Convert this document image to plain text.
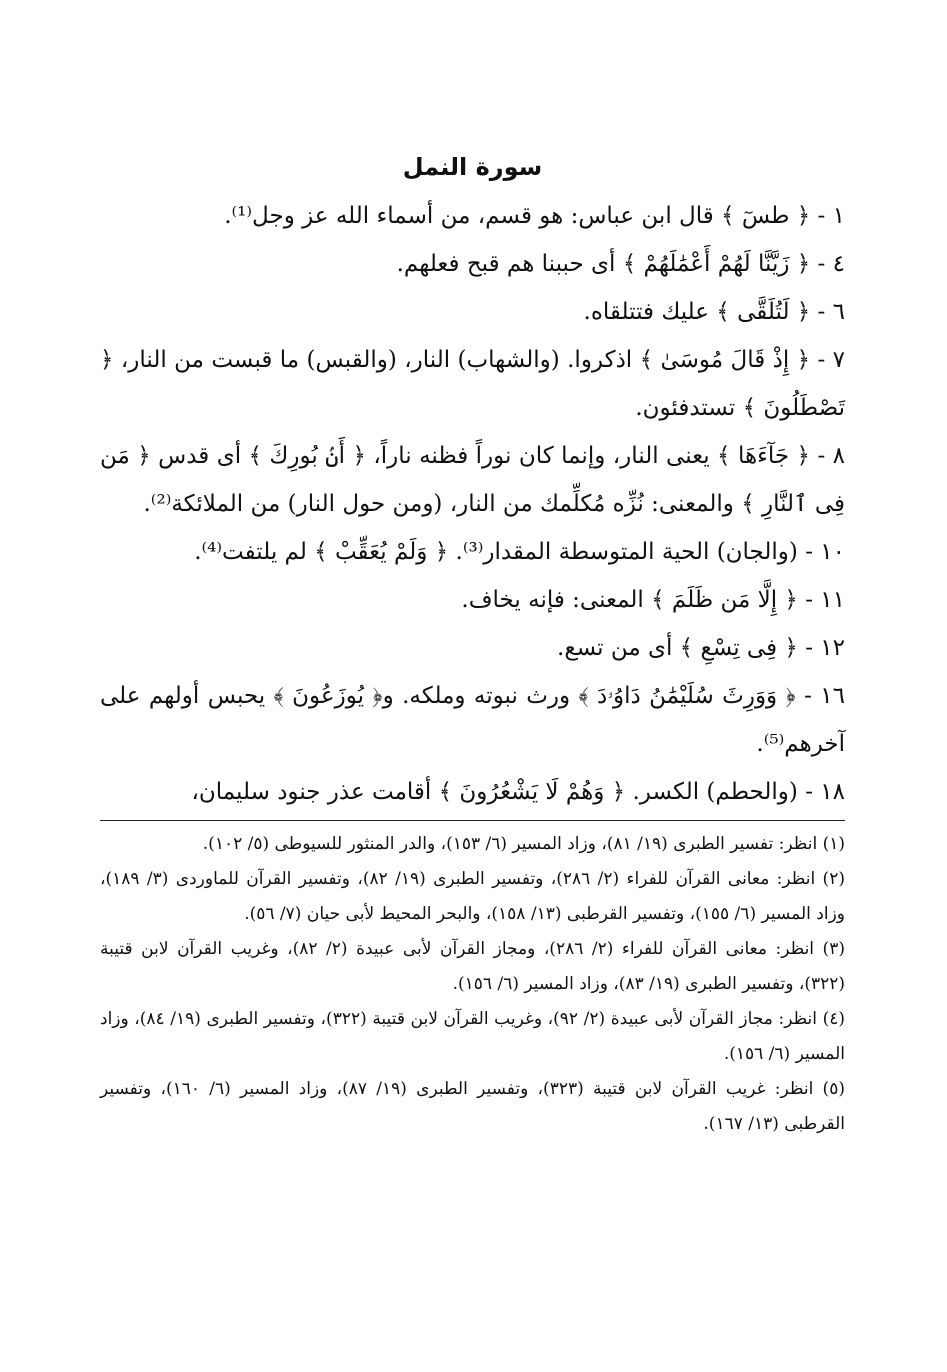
سورة النمل

١ - ﴿ طسٓ ﴾ قال ابن عباس: هو قسم، من أسماء الله عز وجل⁽¹⁾.

٤ - ﴿ زَيَّنَّا لَهُمْ أَعْمَٰلَهُمْ ﴾ أى حببنا هم قبح فعلهم.

٦ - ﴿ لَتُلَقَّى ﴾ عليك فتتلقاه.

٧ - ﴿ إِذْ قَالَ مُوسَىٰ ﴾ اذكروا. (والشهاب) النار، (والقبس) ما قبست من النار، ﴿ تَصْطَلُونَ ﴾ تستدفئون.

٨ - ﴿ جَآءَهَا ﴾ يعنى النار، وإنما كان نوراً فظنه ناراً، ﴿ أَنۢ بُورِكَ ﴾ أى قدس ﴿ مَن فِى ٱلنَّارِ ﴾ والمعنى: نُزِّه مُكلِّمك من النار، (ومن حول النار) من الملائكة⁽²⁾.

١٠ - (والجان) الحية المتوسطة المقدار⁽³⁾. ﴿ وَلَمْ يُعَقِّبْ ﴾ لم يلتفت⁽⁴⁾.

١١ - ﴿ إِلَّا مَن ظَلَمَ ﴾ المعنى: فإنه يخاف.

١٢ - ﴿ فِى تِسْعِ ﴾ أى من تسع.

١٦ - ﴿ وَوَرِثَ سُلَيْمَٰنُ دَاوُۥدَ ﴾ ورث نبوته وملكه. و﴿ يُوزَعُونَ ﴾ يحبس أولهم على آخرهم⁽⁵⁾.

١٨ - (والحطم) الكسر. ﴿ وَهُمْ لَا يَشْعُرُونَ ﴾ أقامت عذر جنود سليمان،

(١) انظر: تفسير الطبرى (١٩/ ٨١)، وزاد المسير (٦/ ١٥٣)، والدر المنثور للسيوطى (٥/ ١٠٢).

(٢) انظر: معانى القرآن للفراء (٢/ ٢٨٦)، وتفسير الطبرى (١٩/ ٨٢)، وتفسير القرآن للماوردى (٣/ ١٨٩)، وزاد المسير (٦/ ١٥٥)، وتفسير القرطبى (١٣/ ١٥٨)، والبحر المحيط لأبى حيان (٧/ ٥٦).

(٣) انظر: معانى القرآن للفراء (٢/ ٢٨٦)، ومجاز القرآن لأبى عبيدة (٢/ ٨٢)، وغريب القرآن لابن قتيبة (٣٢٢)، وتفسير الطبرى (١٩/ ٨٣)، وزاد المسير (٦/ ١٥٦).

(٤) انظر: مجاز القرآن لأبى عبيدة (٢/ ٩٢)، وغريب القرآن لابن قتيبة (٣٢٢)، وتفسير الطبرى (١٩/ ٨٤)، وزاد المسير (٦/ ١٥٦).

(٥) انظر: غريب القرآن لابن قتيبة (٣٢٣)، وتفسير الطبرى (١٩/ ٨٧)، وزاد المسير (٦/ ١٦٠)، وتفسير القرطبى (١٣/ ١٦٧).
